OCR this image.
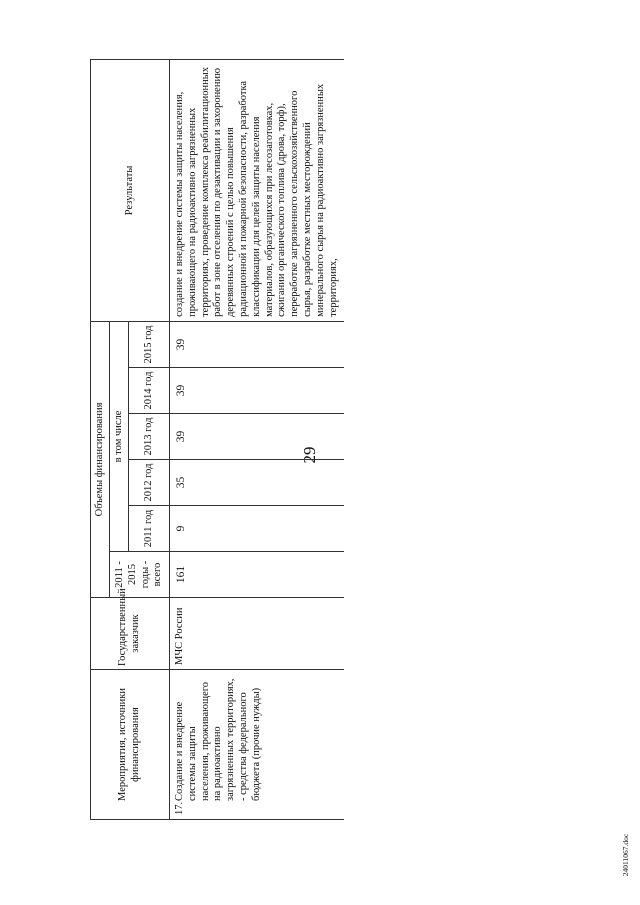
29
Мероприятия, источники финансирования	Государственный заказчик	Объемы финансирования						Результаты
		2011 - 2015 годы - всего	в том числе					
			2011 год	2012 год	2013 год	2014 год	2015 год	
17.Создание и внедрение системы защиты населения, проживающего на радиоактивно загрязненных территориях, - средства федерального бюджета (прочие нужды)	МЧС России	161	9	35	39	39	39	создание и внедрение системы защиты населения, проживающего на радиоактивно загрязненных территориях, проведение комплекса реабилитационных работ в зоне отселения по дезактивации и захоронению деревянных строений с целью повышения радиационной и пожарной безопасности, разработка классификации для целей защиты населения материалов, образующихся при лесозаготовках, сжигании органического топлива (дрова, торф), переработке загрязненного сельскохозяйственного сырья, разработке местных месторождений минерального сырья на радиоактивно загрязненных территориях,
24011067.doc
